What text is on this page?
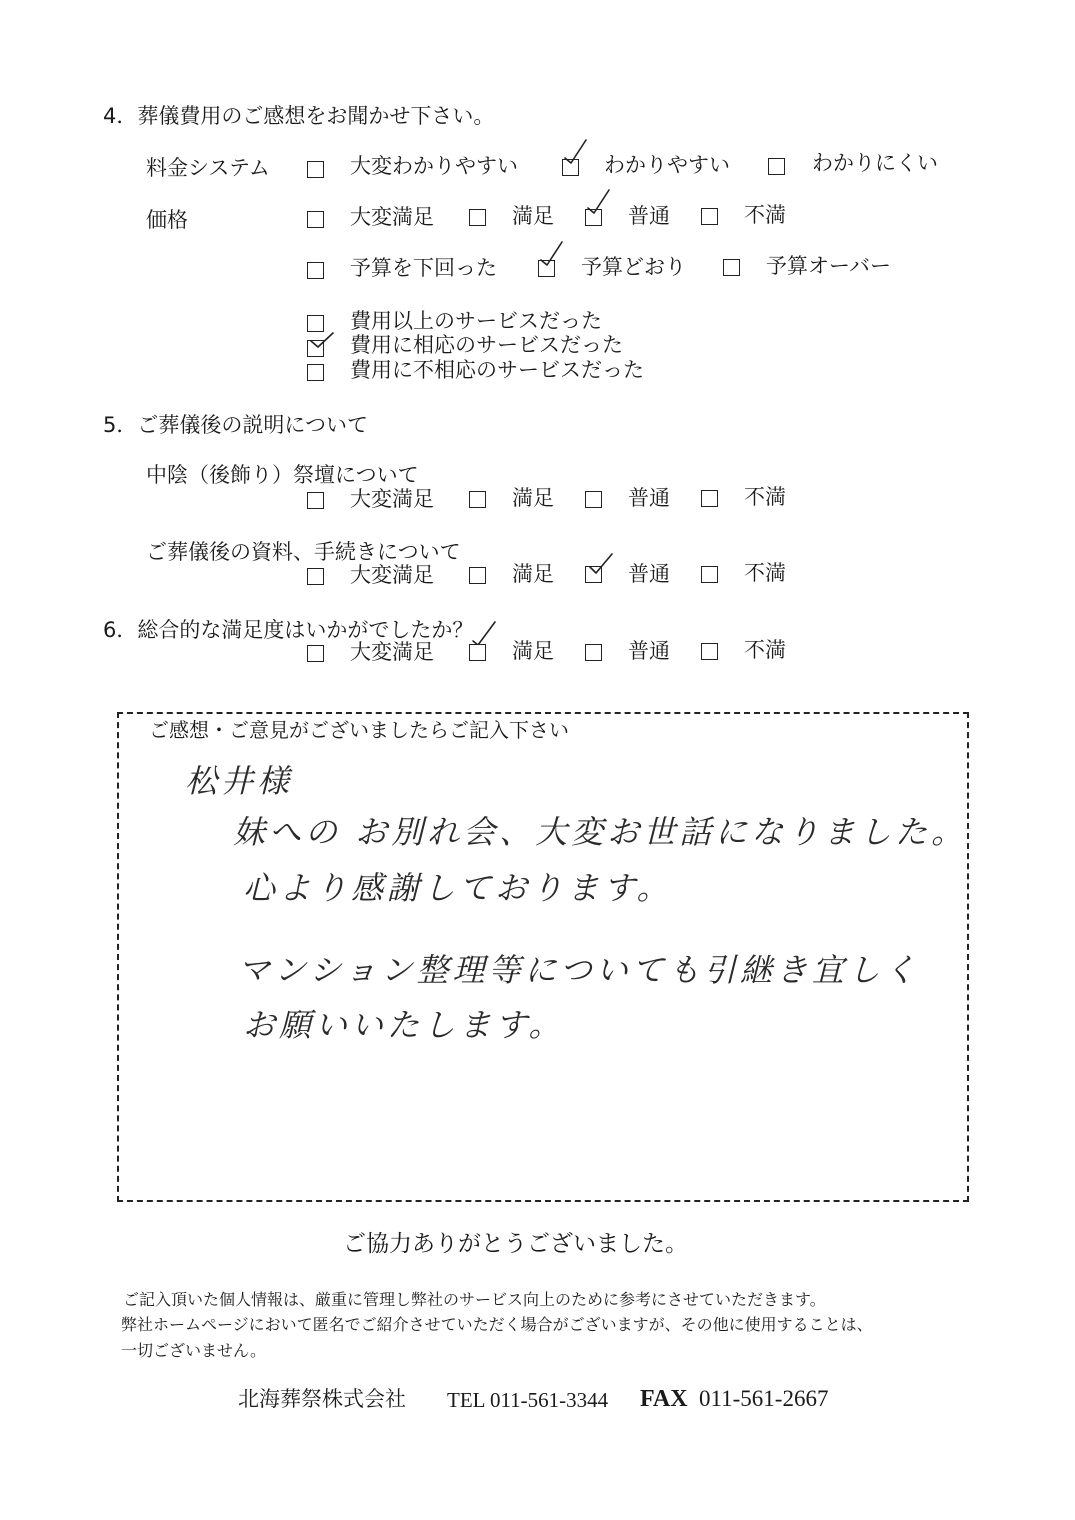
4．葬儀費用のご感想をお聞かせ下さい。
料金システム	大変わかりやすい	わかりやすい	わかりにくい
価格	大変満足	満足	普通	不満
予算を下回った	予算どおり	予算オーバー
費用以上のサービスだった
費用に相応のサービスだった
費用に不相応のサービスだった
5．ご葬儀後の説明について
中陰（後飾り）祭壇について
大変満足	満足	普通	不満
ご葬儀後の資料、手続きについて
大変満足	満足	普通	不満
6．総合的な満足度はいかがでしたか？
大変満足	満足	普通	不満
ご感想・ご意見がございましたらご記入下さい
松井様
妹への お別れ会、大変お世話になりました。
心より感謝しております。
マンション整理等についても引継き宜しく
お願いいたします。
ご協力ありがとうございました。
ご記入頂いた個人情報は、厳重に管理し弊社のサービス向上のために参考にさせていただきます。
弊社ホームページにおいて匿名でご紹介させていただく場合がございますが、その他に使用することは、
一切ございません。
北海葬祭株式会社 TEL 011-561-3344 FAX 011-561-2667
